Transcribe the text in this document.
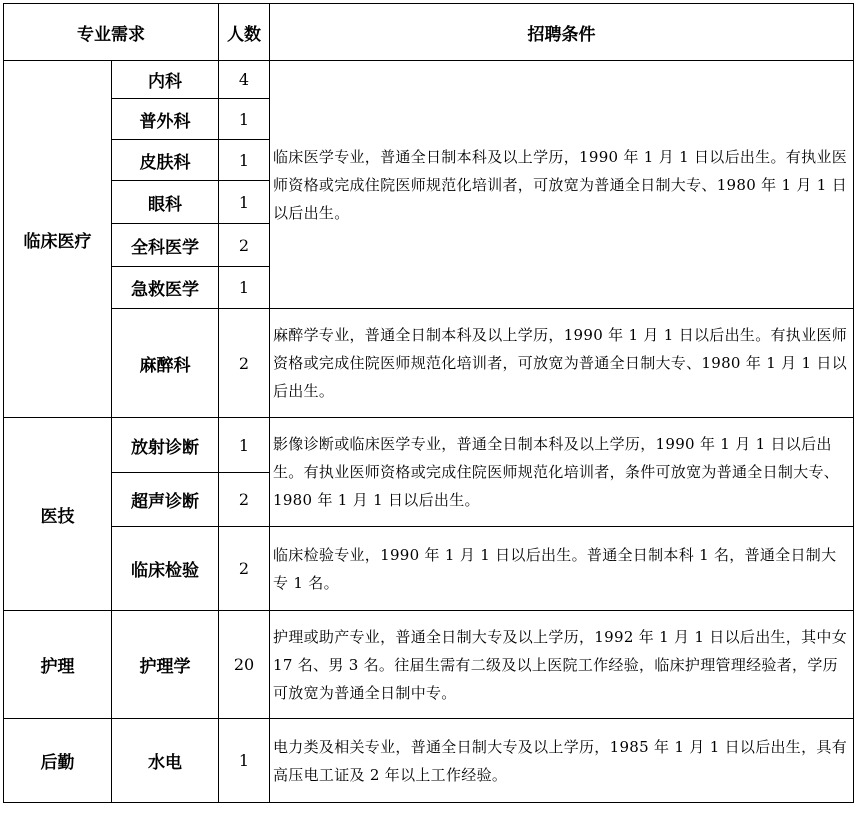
专业需求		人数	招聘条件
临床医疗	内科	4	临床医学专业，普通全日制本科及以上学历，1990 年 1 月 1 日以后出生。有执业医师资格或完成住院医师规范化培训者，可放宽为普通全日制大专、1980 年 1 月 1 日以后出生。
	普外科	1	
	皮肤科	1	
	眼科	1	
	全科医学	2	
	急救医学	1	
	麻醉科	2	麻醉学专业，普通全日制本科及以上学历，1990 年 1 月 1 日以后出生。有执业医师资格或完成住院医师规范化培训者，可放宽为普通全日制大专、1980 年 1 月 1 日以后出生。
医技	放射诊断	1	影像诊断或临床医学专业，普通全日制本科及以上学历，1990 年 1 月 1 日以后出生。有执业医师资格或完成住院医师规范化培训者，条件可放宽为普通全日制大专、1980 年 1 月 1 日以后出生。
	超声诊断	2	
	临床检验	2	临床检验专业，1990 年 1 月 1 日以后出生。普通全日制本科 1 名，普通全日制大专 1 名。
护理	护理学	20	护理或助产专业，普通全日制大专及以上学历，1992 年 1 月 1 日以后出生，其中女 17 名、男 3 名。往届生需有二级及以上医院工作经验，临床护理管理经验者，学历可放宽为普通全日制中专。
后勤	水电	1	电力类及相关专业，普通全日制大专及以上学历，1985 年 1 月 1 日以后出生，具有高压电工证及 2 年以上工作经验。
